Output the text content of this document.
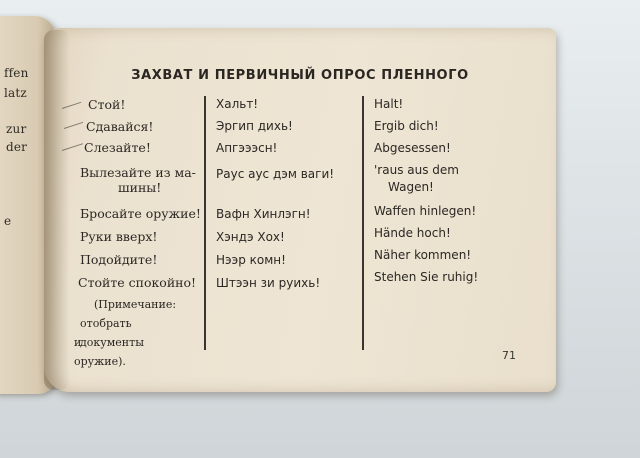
ffen
latz
zur
der
e
ЗАХВАТ И ПЕРВИЧНЫЙ ОПРОС ПЛЕННОГО
Стой!
Сдавайся!
Слезайте!
Вылезайте из ма-
шины!
Бросайте оружие!
Руки вверх!
Подойдите!
Стойте спокойно!
(Примечание:
отобрать документы
и оружие).
Хальт!
Эргип дихь!
Апгэээсн!
Раус аус дэм ваги!
Вафн Хинлэгн!
Хэндэ Хох!
Нээр комн!
Штээн зи руихь!
Halt!
Ergib dich!
Abgesessen!
'raus aus dem
Wagen!
Waffen hinlegen!
Hände hoch!
Näher kommen!
Stehen Sie ruhig!
71
